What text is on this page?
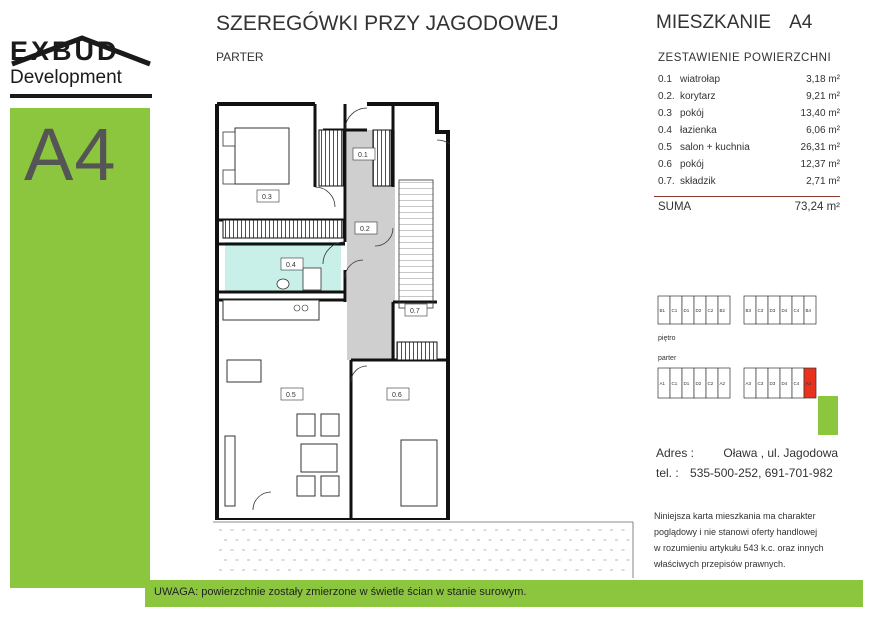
EXBUD
Development
A4
SZEREGÓWKI PRZY JAGODOWEJ
PARTER
MIESZKANIE A4
ZESTAWIENIE POWIERZCHNI
0.1 wiatrołap	3,18 m²
0.2. korytarz	9,21 m²
0.3 pokój	13,40 m²
0.4 łazienka	6,06 m²
0.5 salon + kuchnia	26,31 m²
0.6 pokój	12,37 m²
0.7. składzik	2,71 m²
SUMA	73,24 m²
0.1
0.2
0.3
0.4
0.5	0.6
0.7
piętro
parter
B1 C1 D1 D2 C2 B2	B3 C3 D3 D4 C4 B4
A1 C1 D1 D2 C2 A2	A3 C3 D3 D4 C4 A4
Adres : Oława , ul. Jagodowa
tel. : 535-500-252, 691-701-982
Niniejsza karta mieszkania ma charakter
poglądowy i nie stanowi oferty handlowej
w rozumieniu artykułu 543 k.c. oraz innych
właściwych przepisów prawnych.
UWAGA: powierzchnie zostały zmierzone w świetle ścian w stanie surowym.
